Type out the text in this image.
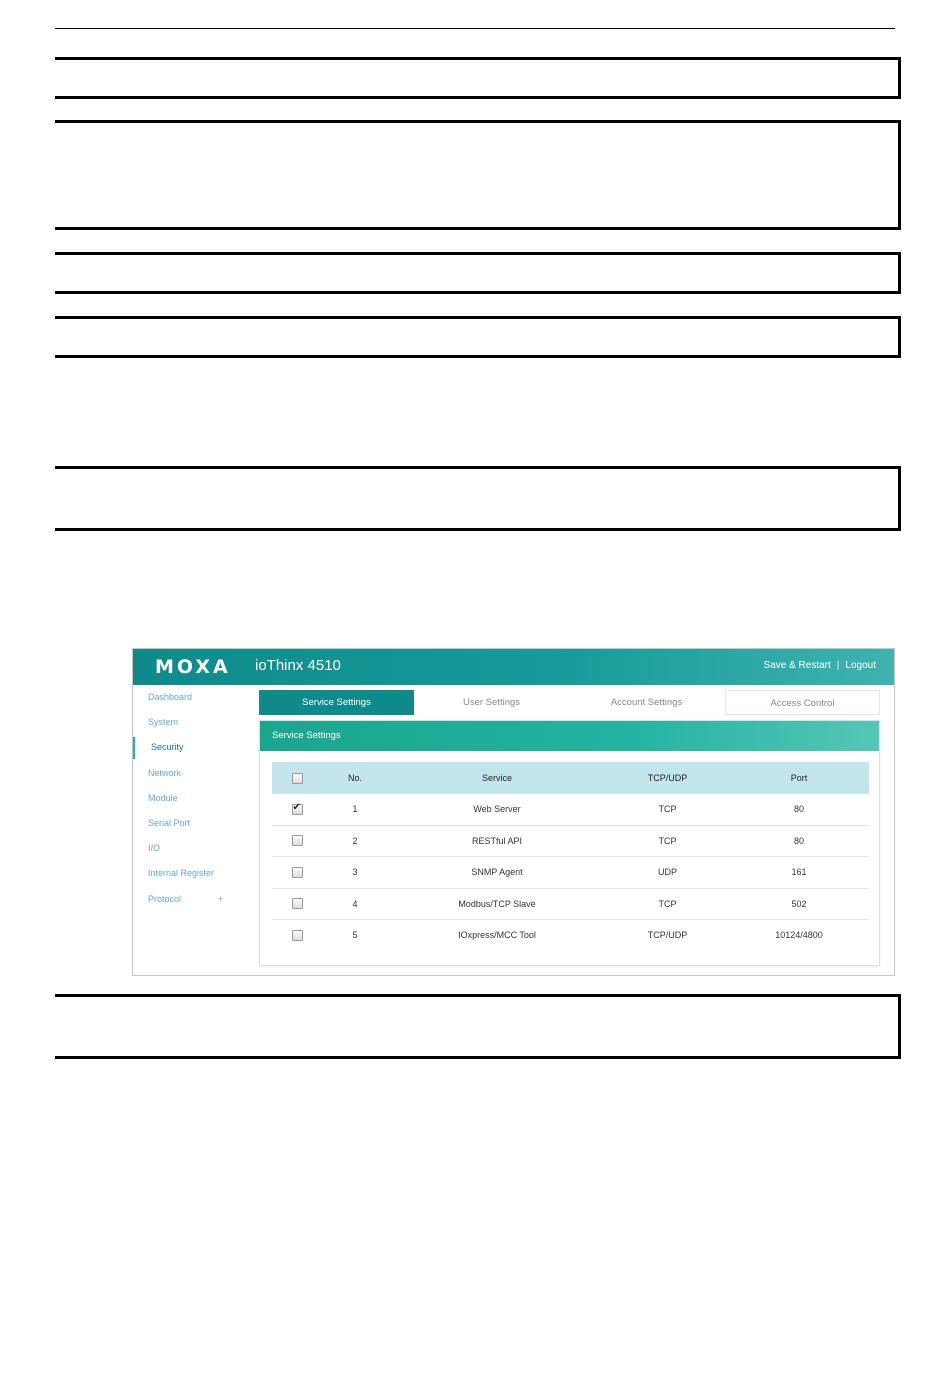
MOXA ioThinx 4510	Save & Restart | Logout
Dashboard
System
Security
Network
Module
Serial Port
I/O
Internal Register
Protocol	+
Service Settings	User Settings	Account Settings	Access Control
Service Settings
	No.	Service	TCP/UDP	Port
✔	1	Web Server	TCP	80
	2	RESTful API	TCP	80
	3	SNMP Agent	UDP	161
	4	Modbus/TCP Slave	TCP	502
	5	IOxpress/MCC Tool	TCP/UDP	10124/4800
